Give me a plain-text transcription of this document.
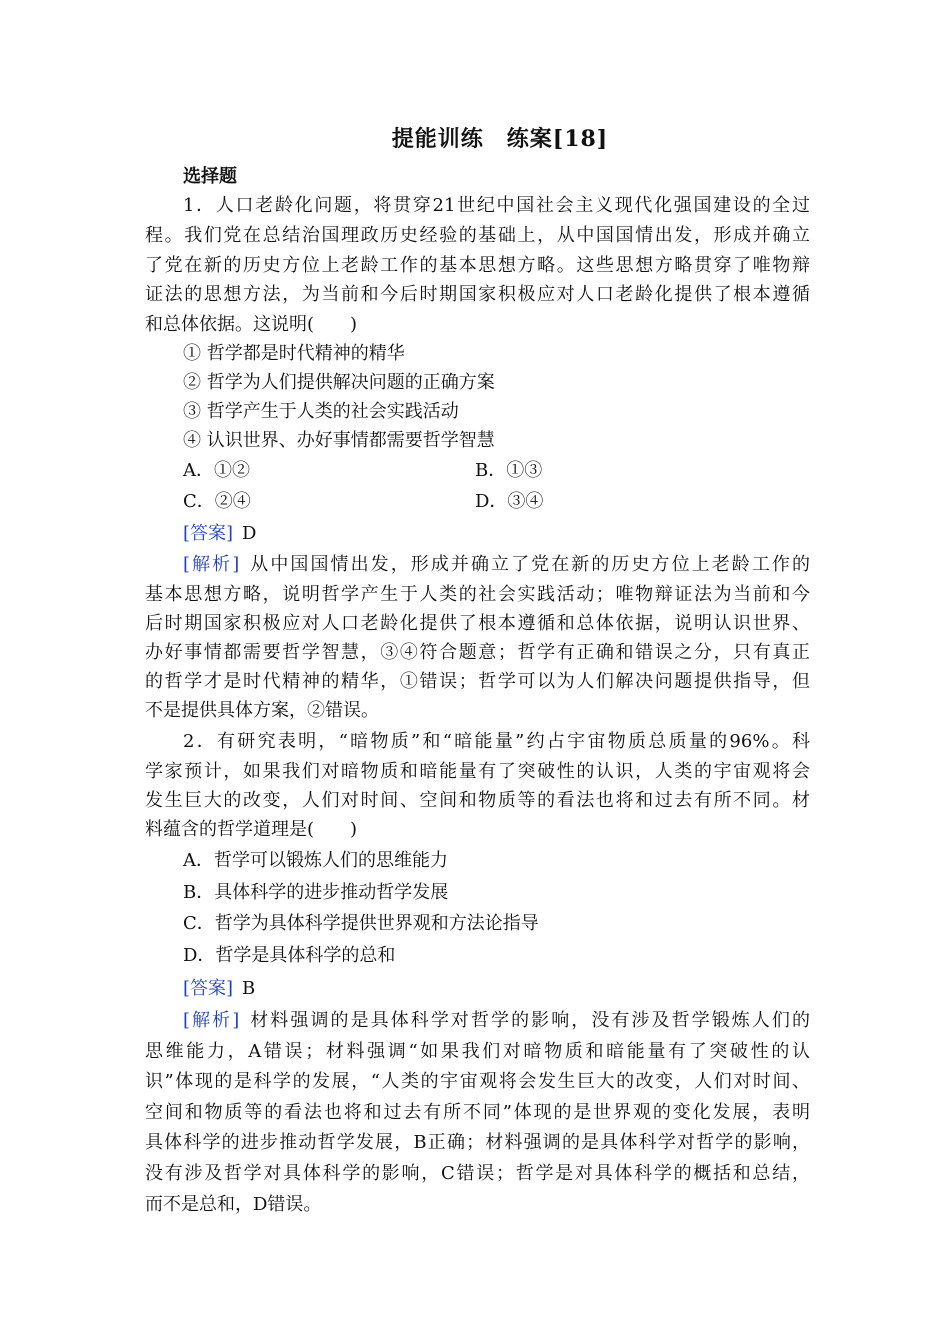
提能训练　练案[18]
选择题
1．人口老龄化问题，将贯穿21世纪中国社会主义现代化强国建设的全过
程。我们党在总结治国理政历史经验的基础上，从中国国情出发，形成并确立
了党在新的历史方位上老龄工作的基本思想方略。这些思想方略贯穿了唯物辩
证法的思想方法，为当前和今后时期国家积极应对人口老龄化提供了根本遵循
和总体依据。这说明(　　)
① 哲学都是时代精神的精华
② 哲学为人们提供解决问题的正确方案
③ 哲学产生于人类的社会实践活动
④ 认识世界、办好事情都需要哲学智慧
A．①②	B．①③
C．②④	D．③④
[答案]  D
[解析]  从中国国情出发，形成并确立了党在新的历史方位上老龄工作的
基本思想方略，说明哲学产生于人类的社会实践活动；唯物辩证法为当前和今
后时期国家积极应对人口老龄化提供了根本遵循和总体依据，说明认识世界、
办好事情都需要哲学智慧，③④符合题意；哲学有正确和错误之分，只有真正
的哲学才是时代精神的精华，①错误；哲学可以为人们解决问题提供指导，但
不是提供具体方案，②错误。
2．有研究表明，“暗物质”和“暗能量”约占宇宙物质总质量的96%。科
学家预计，如果我们对暗物质和暗能量有了突破性的认识，人类的宇宙观将会
发生巨大的改变，人们对时间、空间和物质等的看法也将和过去有所不同。材
料蕴含的哲学道理是(　　)
A．哲学可以锻炼人们的思维能力
B．具体科学的进步推动哲学发展
C．哲学为具体科学提供世界观和方法论指导
D．哲学是具体科学的总和
[答案]  B
[解析]  材料强调的是具体科学对哲学的影响，没有涉及哲学锻炼人们的
思维能力，A错误；材料强调“如果我们对暗物质和暗能量有了突破性的认
识”体现的是科学的发展，“人类的宇宙观将会发生巨大的改变，人们对时间、
空间和物质等的看法也将和过去有所不同”体现的是世界观的变化发展，表明
具体科学的进步推动哲学发展，B正确；材料强调的是具体科学对哲学的影响，
没有涉及哲学对具体科学的影响，C错误；哲学是对具体科学的概括和总结，
而不是总和，D错误。
